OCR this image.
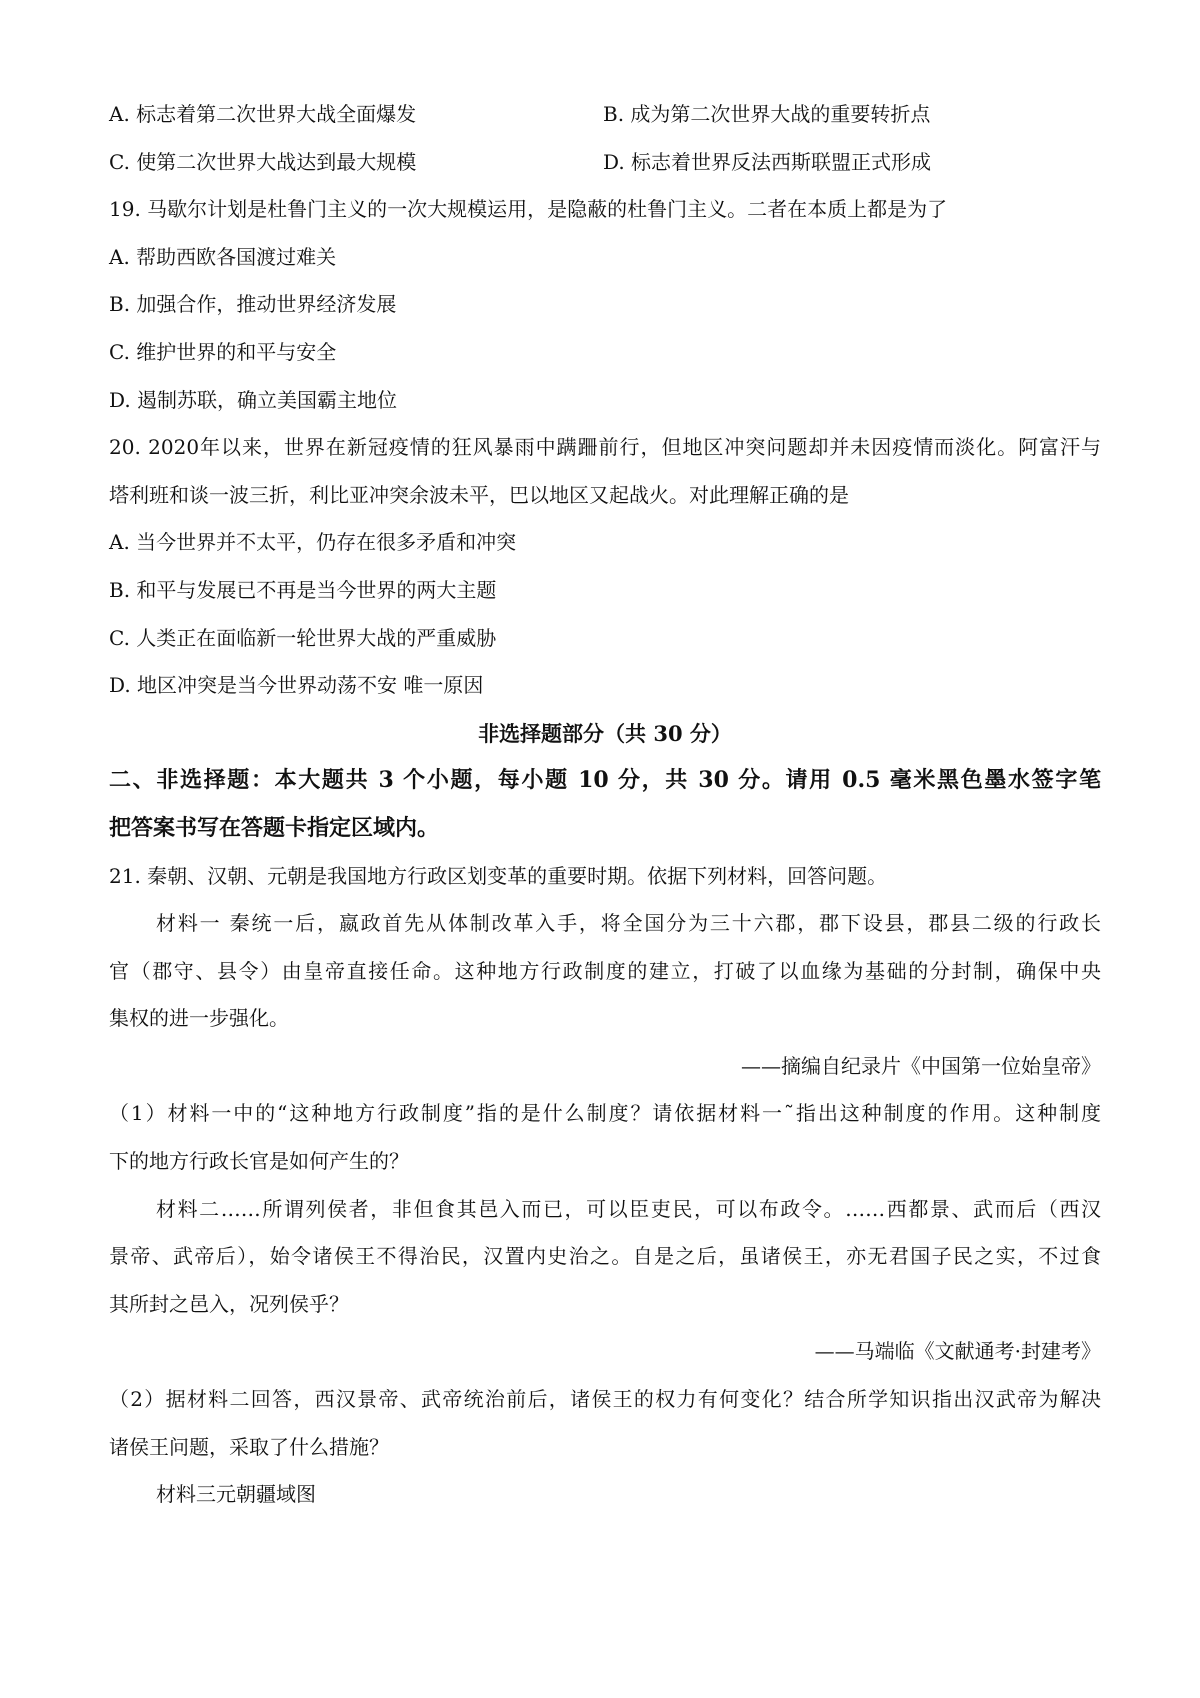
A. 标志着第二次世界大战全面爆发	B. 成为第二次世界大战的重要转折点
C. 使第二次世界大战达到最大规模	D. 标志着世界反法西斯联盟正式形成
19. 马歇尔计划是杜鲁门主义的一次大规模运用，是隐蔽的杜鲁门主义。二者在本质上都是为了
A. 帮助西欧各国渡过难关
B. 加强合作，推动世界经济发展
C. 维护世界的和平与安全
D. 遏制苏联，确立美国霸主地位
20. 2020年以来，世界在新冠疫情的狂风暴雨中蹒跚前行，但地区冲突问题却并未因疫情而淡化。阿富汗与
塔利班和谈一波三折，利比亚冲突余波未平，巴以地区又起战火。对此理解正确的是
A. 当今世界并不太平，仍存在很多矛盾和冲突
B. 和平与发展已不再是当今世界的两大主题
C. 人类正在面临新一轮世界大战的严重威胁
D. 地区冲突是当今世界动荡不安 唯一原因
非选择题部分（共 30 分）
二、非选择题：本大题共 3 个小题，每小题 10 分，共 30 分。请用 0.5 毫米黑色墨水签字笔
把答案书写在答题卡指定区域内。
21. 秦朝、汉朝、元朝是我国地方行政区划变革的重要时期。依据下列材料，回答问题。
材料一 秦统一后，嬴政首先从体制改革入手，将全国分为三十六郡，郡下设县，郡县二级的行政长
官（郡守、县令）由皇帝直接任命。这种地方行政制度的建立，打破了以血缘为基础的分封制，确保中央
集权的进一步强化。
——摘编自纪录片《中国第一位始皇帝》
（1）材料一中的“这种地方行政制度”指的是什么制度？请依据材料一˜指出这种制度的作用。这种制度
下的地方行政长官是如何产生的？
材料二……所谓列侯者，非但食其邑入而已，可以臣吏民，可以布政令。……西都景、武而后（西汉
景帝、武帝后），始令诸侯王不得治民，汉置内史治之。自是之后，虽诸侯王，亦无君国子民之实，不过食
其所封之邑入，况列侯乎？
——马端临《文献通考·封建考》
（2）据材料二回答，西汉景帝、武帝统治前后，诸侯王的权力有何变化？结合所学知识指出汉武帝为解决
诸侯王问题，采取了什么措施？
材料三元朝疆域图
